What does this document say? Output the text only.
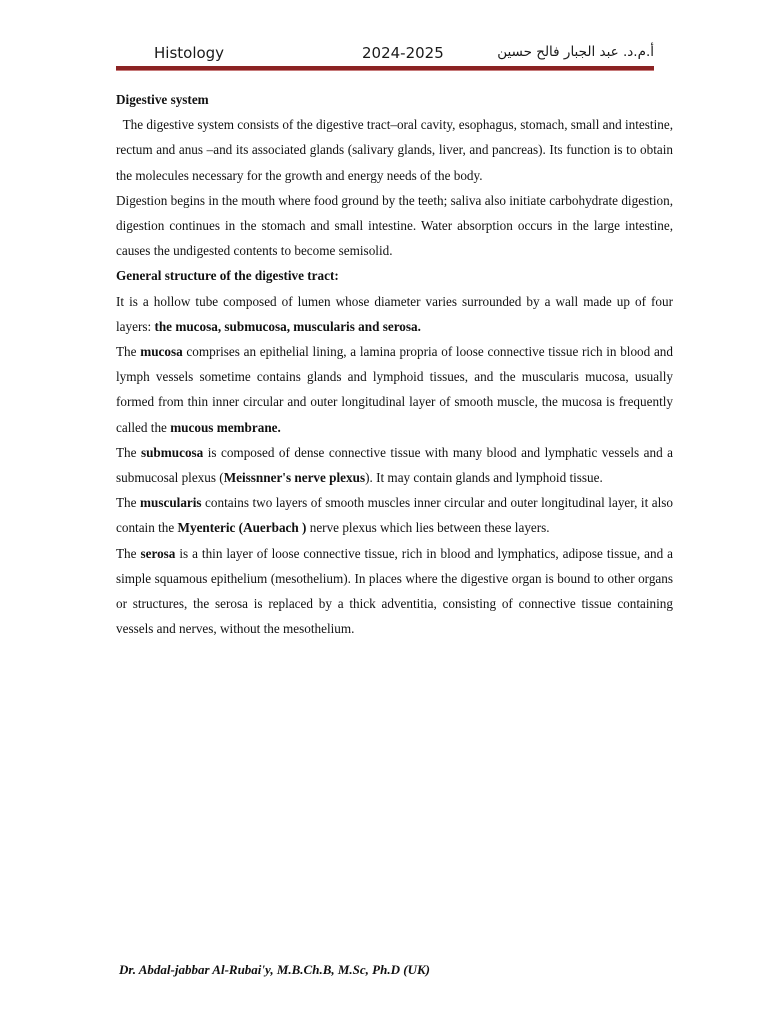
Histology	2024-2025	أ.م.د. عبد الجبار فالح حسين

Digestive system

The digestive system consists of the digestive tract–oral cavity, esophagus, stomach, small and intestine, rectum and anus –and its associated glands (salivary glands, liver, and pancreas). Its function is to obtain the molecules necessary for the growth and energy needs of the body.

Digestion begins in the mouth where food ground by the teeth; saliva also initiate carbohydrate digestion, digestion continues in the stomach and small intestine. Water absorption occurs in the large intestine, causes the undigested contents to become semisolid.

General structure of the digestive tract:

It is a hollow tube composed of lumen whose diameter varies surrounded by a wall made up of four layers: the mucosa, submucosa, muscularis and serosa.

The mucosa comprises an epithelial lining, a lamina propria of loose connective tissue rich in blood and lymph vessels sometime contains glands and lymphoid tissues, and the muscularis mucosa, usually formed from thin inner circular and outer longitudinal layer of smooth muscle, the mucosa is frequently called the mucous membrane.

The submucosa is composed of dense connective tissue with many blood and lymphatic vessels and a submucosal plexus (Meissnner's nerve plexus). It may contain glands and lymphoid tissue.

The muscularis contains two layers of smooth muscles inner circular and outer longitudinal layer, it also contain the Myenteric (Auerbach ) nerve plexus which lies between these layers.

The serosa is a thin layer of loose connective tissue, rich in blood and lymphatics, adipose tissue, and a simple squamous epithelium (mesothelium). In places where the digestive organ is bound to other organs or structures, the serosa is replaced by a thick adventitia, consisting of connective tissue containing vessels and nerves, without the mesothelium.

Dr. Abdal-jabbar Al-Rubai'y, M.B.Ch.B, M.Sc, Ph.D (UK)
